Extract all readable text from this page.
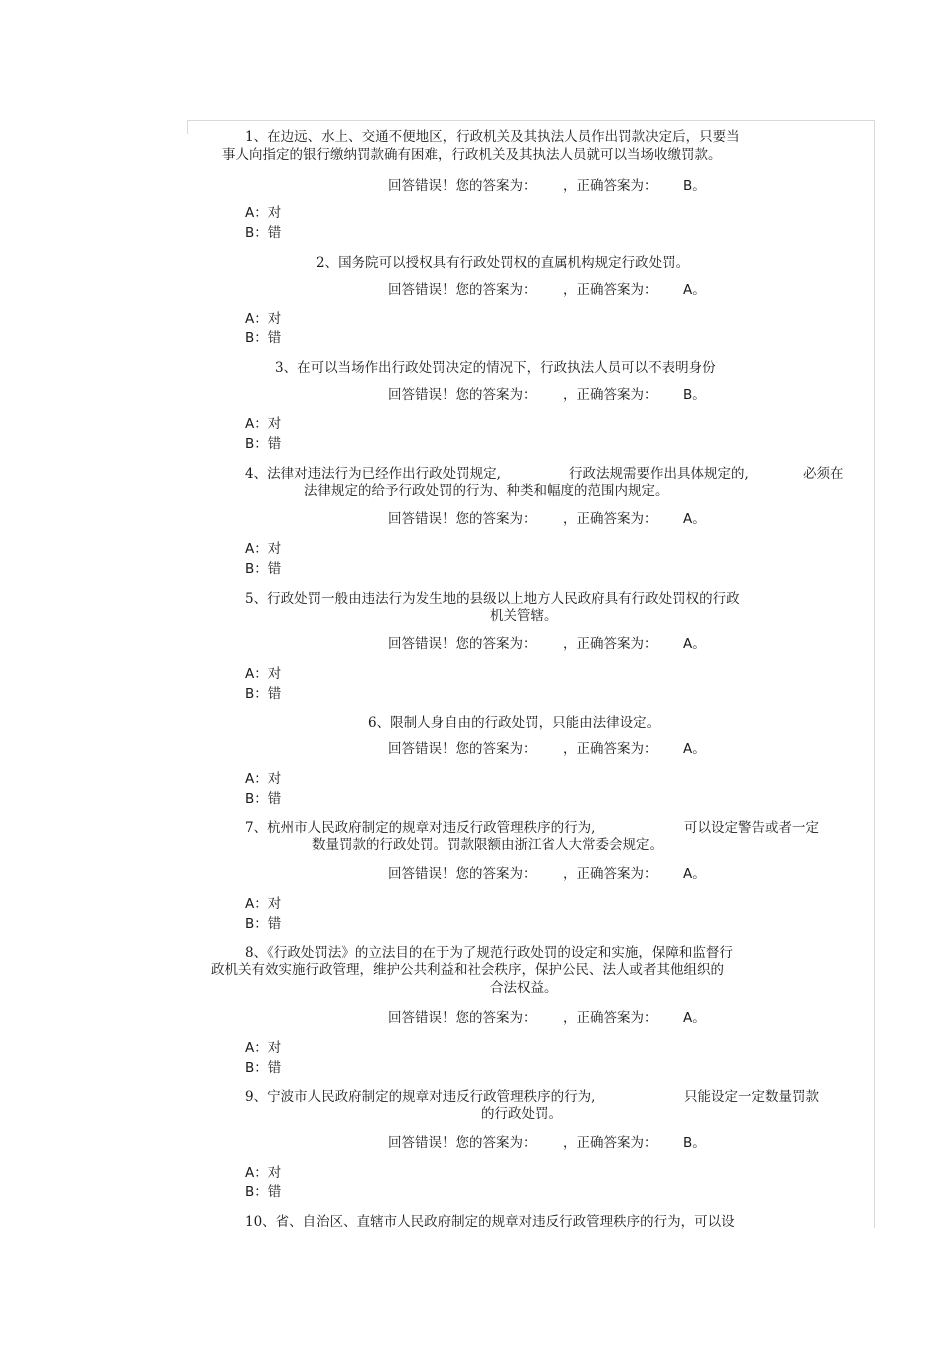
1、在边远、水上、交通不便地区，行政机关及其执法人员作出罚款决定后，只要当
事人向指定的银行缴纳罚款确有困难，行政机关及其执法人员就可以当场收缴罚款。
回答错误！您的答案为： ，正确答案为： B。
A：对
B：错
2、国务院可以授权具有行政处罚权的直属机构规定行政处罚。
回答错误！您的答案为： ，正确答案为： A。
A：对
B：错
3、在可以当场作出行政处罚决定的情况下，行政执法人员可以不表明身份
回答错误！您的答案为： ，正确答案为： B。
A：对
B：错
4、法律对违法行为已经作出行政处罚规定,	行政法规需要作出具体规定的,	必须在
法律规定的给予行政处罚的行为、种类和幅度的范围内规定。
回答错误！您的答案为： ，正确答案为： A。
A：对
B：错
5、行政处罚一般由违法行为发生地的县级以上地方人民政府具有行政处罚权的行政
机关管辖。
回答错误！您的答案为： ，正确答案为： A。
A：对
B：错
6、限制人身自由的行政处罚，只能由法律设定。
回答错误！您的答案为： ，正确答案为： A。
A：对
B：错
7、杭州市人民政府制定的规章对违反行政管理秩序的行为,	可以设定警告或者一定
数量罚款的行政处罚。罚款限额由浙江省人大常委会规定。
回答错误！您的答案为： ，正确答案为： A。
A：对
B：错
8、《行政处罚法》的立法目的在于为了规范行政处罚的设定和实施，保障和监督行
政机关有效实施行政管理，维护公共利益和社会秩序，保护公民、法人或者其他组织的
合法权益。
回答错误！您的答案为： ，正确答案为： A。
A：对
B：错
9、宁波市人民政府制定的规章对违反行政管理秩序的行为,	只能设定一定数量罚款
的行政处罚。
回答错误！您的答案为： ，正确答案为： B。
A：对
B：错
10、省、自治区、直辖市人民政府制定的规章对违反行政管理秩序的行为，可以设
